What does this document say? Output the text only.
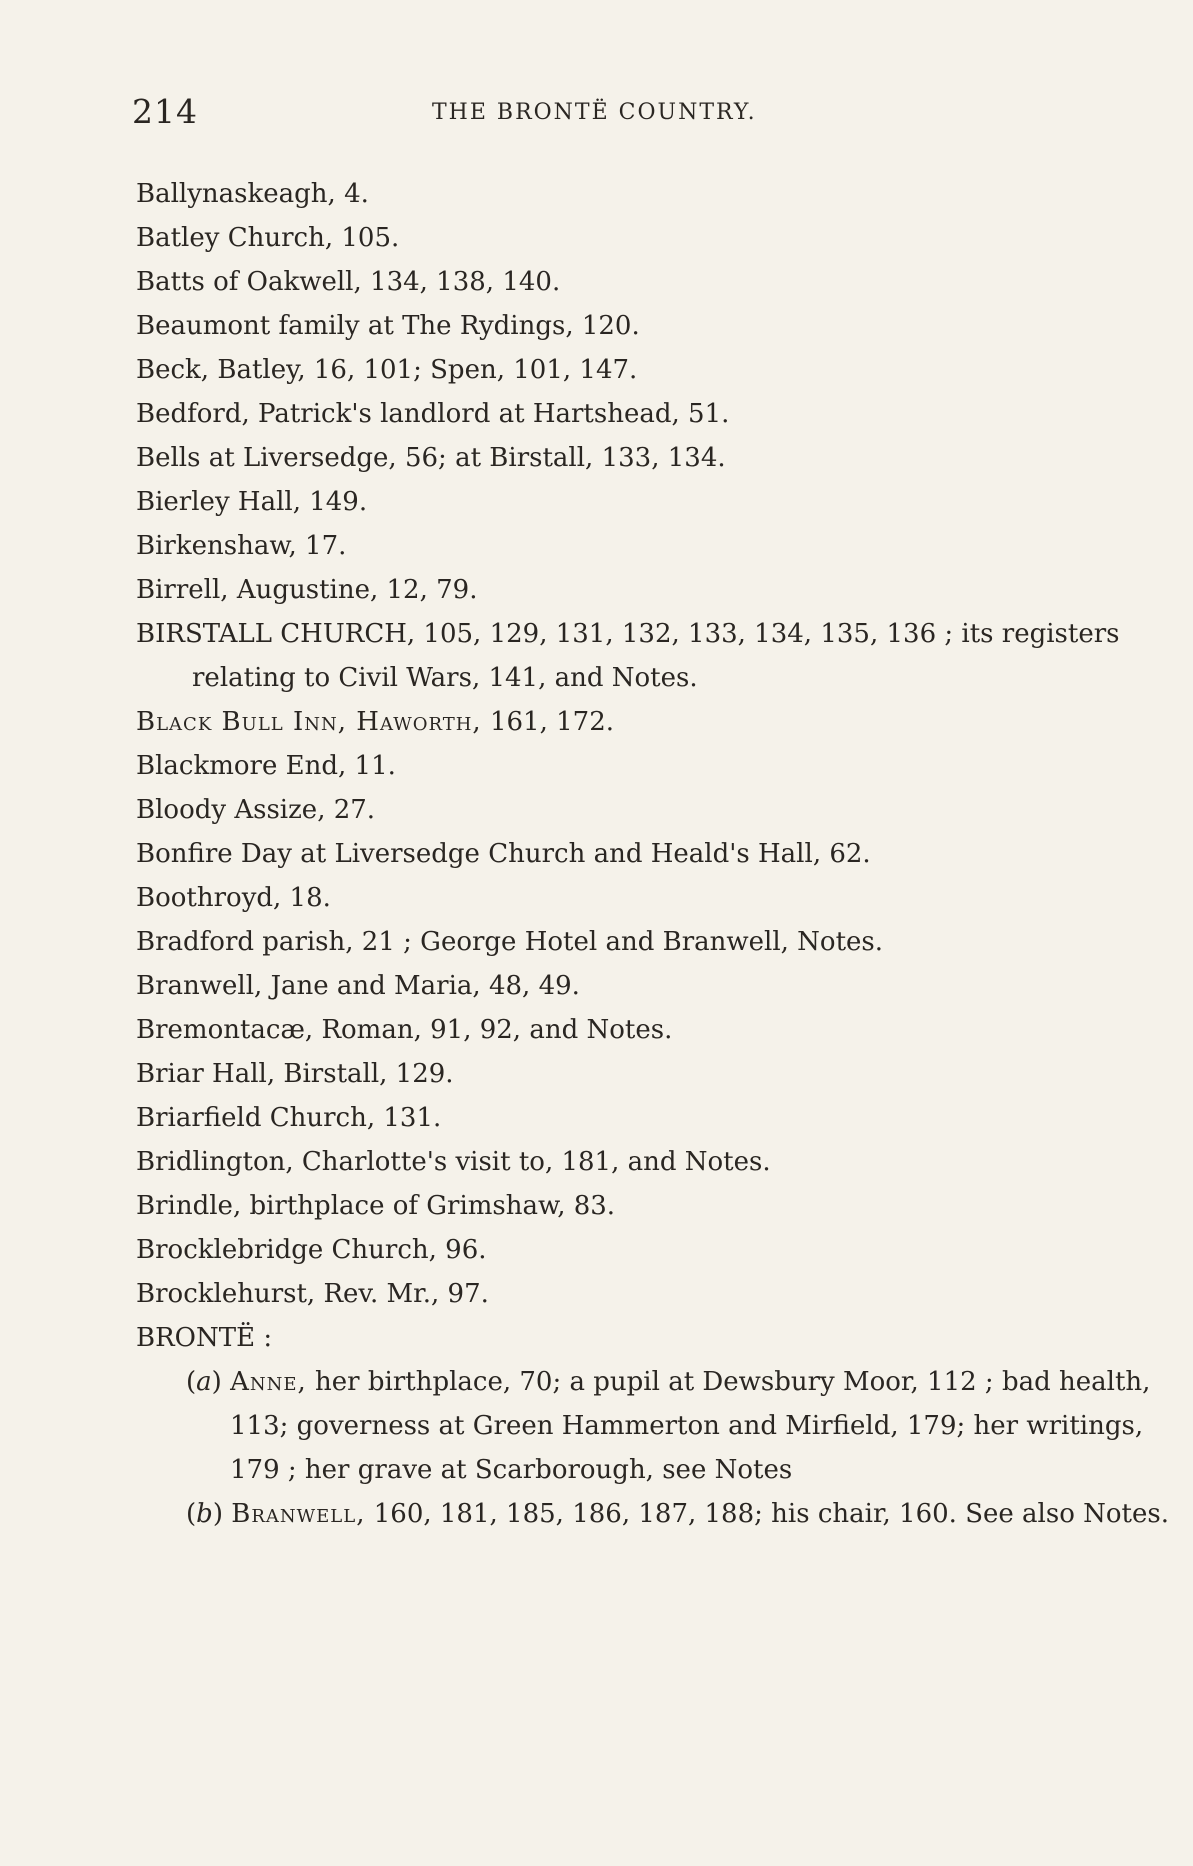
214	THE BRONTË COUNTRY.
Ballynaskeagh, 4.
Batley Church, 105.
Batts of Oakwell, 134, 138, 140.
Beaumont family at The Rydings, 120.
Beck, Batley, 16, 101; Spen, 101, 147.
Bedford, Patrick's landlord at Hartshead, 51.
Bells at Liversedge, 56; at Birstall, 133, 134.
Bierley Hall, 149.
Birkenshaw, 17.
Birrell, Augustine, 12, 79.
BIRSTALL CHURCH, 105, 129, 131, 132, 133, 134, 135, 136 ; its registers relating to Civil Wars, 141, and Notes.
Black Bull Inn, Haworth, 161, 172.
Blackmore End, 11.
Bloody Assize, 27.
Bonfire Day at Liversedge Church and Heald's Hall, 62.
Boothroyd, 18.
Bradford parish, 21 ; George Hotel and Branwell, Notes.
Branwell, Jane and Maria, 48, 49.
Bremontacæ, Roman, 91, 92, and Notes.
Briar Hall, Birstall, 129.
Briarfield Church, 131.
Bridlington, Charlotte's visit to, 181, and Notes.
Brindle, birthplace of Grimshaw, 83.
Brocklebridge Church, 96.
Brocklehurst, Rev. Mr., 97.
BRONTË :
(a) Anne, her birthplace, 70; a pupil at Dewsbury Moor, 112 ; bad health, 113; governess at Green Hammerton and Mirfield, 179; her writings, 179 ; her grave at Scarborough, see Notes
(b) Branwell, 160, 181, 185, 186, 187, 188; his chair, 160. See also Notes.
